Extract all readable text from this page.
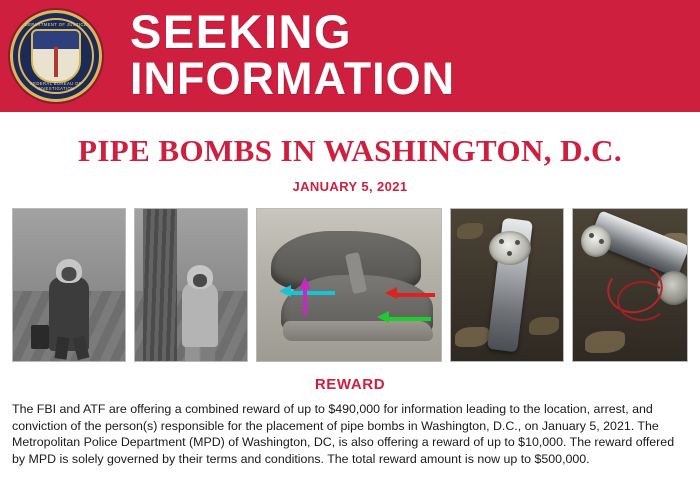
DEPARTMENT OF JUSTICE
FEDERAL BUREAU OF INVESTIGATION
SEEKING
INFORMATION
PIPE BOMBS IN WASHINGTON, D.C.
JANUARY 5, 2021
REWARD
The FBI and ATF are offering a combined reward of up to $490,000 for information leading to the location, arrest, and conviction of the person(s) responsible for the placement of pipe bombs in Washington, D.C., on January 5, 2021. The Metropolitan Police Department (MPD) of Washington, DC, is also offering a reward of up to $10,000. The reward offered by MPD is solely governed by their terms and conditions. The total reward amount is now up to $500,000.
